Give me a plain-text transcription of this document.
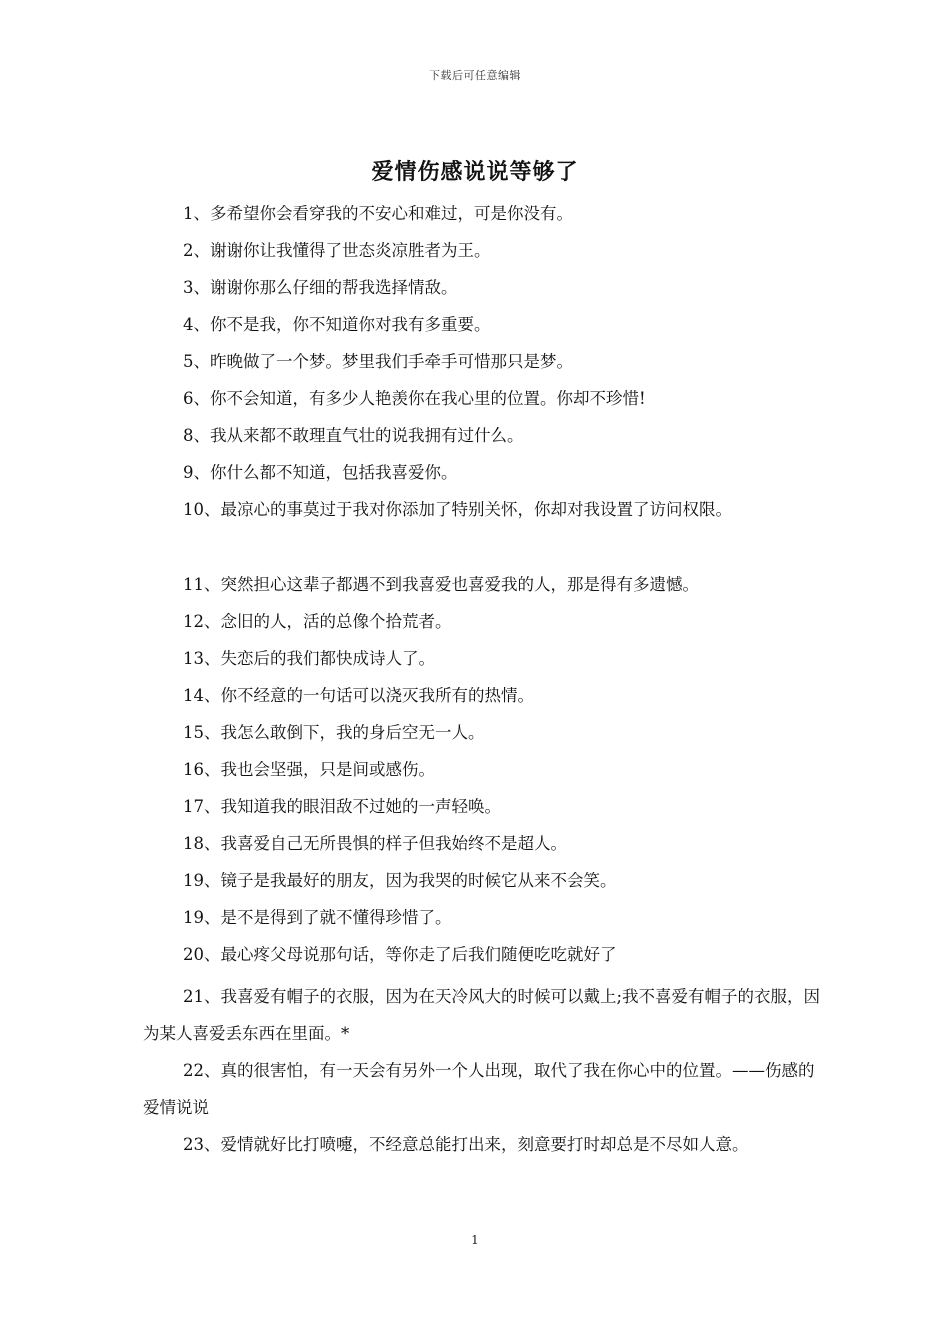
下载后可任意编辑
爱情伤感说说等够了
1、多希望你会看穿我的不安心和难过，可是你没有。
2、谢谢你让我懂得了世态炎凉胜者为王。
3、谢谢你那么仔细的帮我选择情敌。
4、你不是我，你不知道你对我有多重要。
5、昨晚做了一个梦。梦里我们手牵手可惜那只是梦。
6、你不会知道，有多少人艳羡你在我心里的位置。你却不珍惜!
8、我从来都不敢理直气壮的说我拥有过什么。
9、你什么都不知道，包括我喜爱你。
10、最凉心的事莫过于我对你添加了特别关怀，你却对我设置了访问权限。
11、突然担心这辈子都遇不到我喜爱也喜爱我的人，那是得有多遗憾。
12、念旧的人，活的总像个拾荒者。
13、失恋后的我们都快成诗人了。
14、你不经意的一句话可以浇灭我所有的热情。
15、我怎么敢倒下，我的身后空无一人。
16、我也会坚强，只是间或感伤。
17、我知道我的眼泪敌不过她的一声轻唤。
18、我喜爱自己无所畏惧的样子但我始终不是超人。
19、镜子是我最好的朋友，因为我哭的时候它从来不会笑。
19、是不是得到了就不懂得珍惜了。
20、最心疼父母说那句话，等你走了后我们随便吃吃就好了
21、我喜爱有帽子的衣服，因为在天冷风大的时候可以戴上;我不喜爱有帽子的衣服，因为某人喜爱丢东西在里面。*
22、真的很害怕，有一天会有另外一个人出现，取代了我在你心中的位置。——伤感的爱情说说
23、爱情就好比打喷嚏，不经意总能打出来，刻意要打时却总是不尽如人意。
1
